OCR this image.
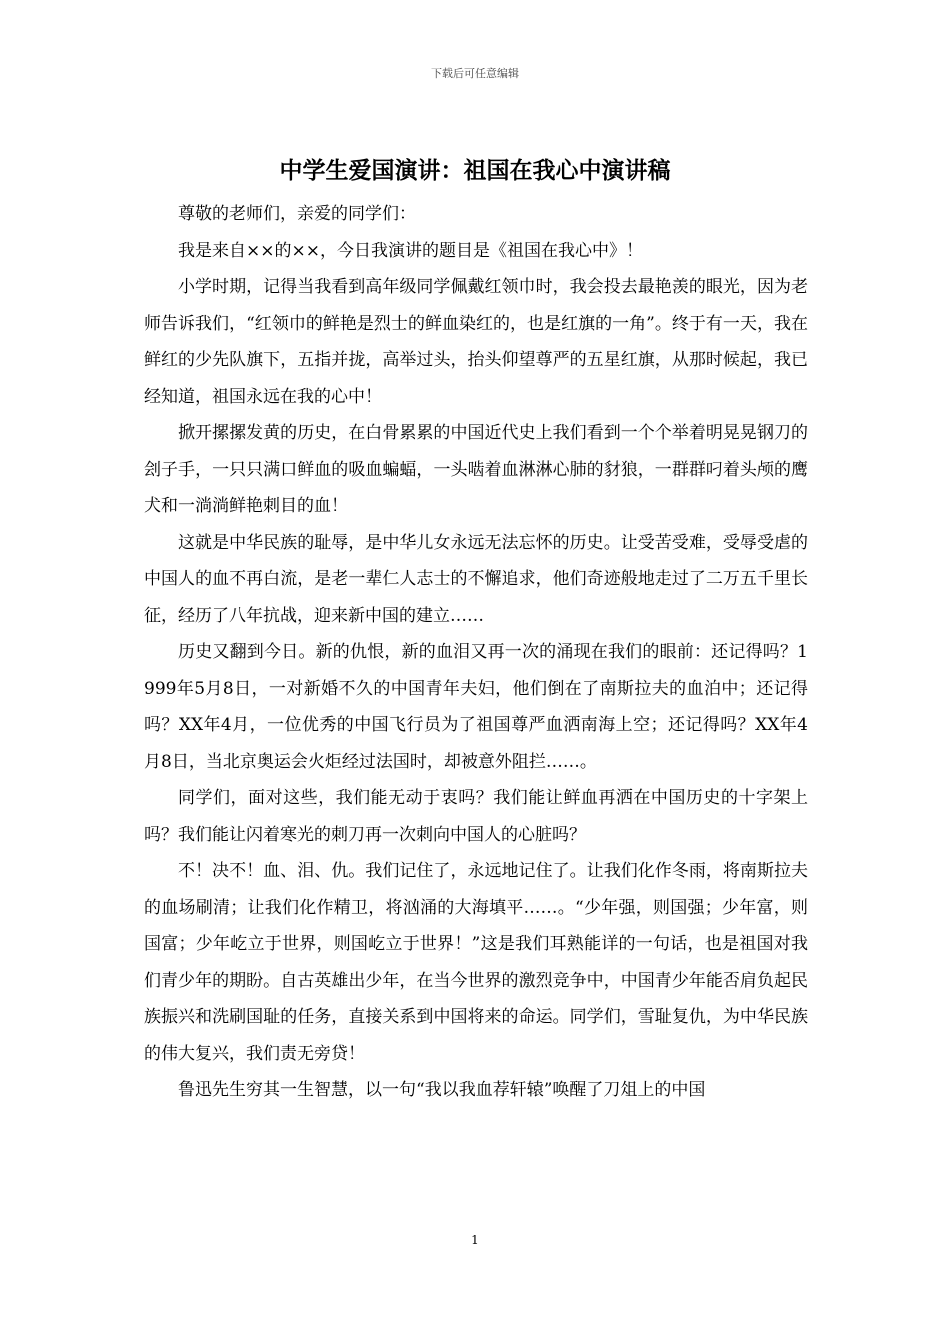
下载后可任意编辑
中学生爱国演讲：祖国在我心中演讲稿

尊敬的老师们，亲爱的同学们：

我是来自××的××，今日我演讲的题目是《祖国在我心中》！

小学时期，记得当我看到高年级同学佩戴红领巾时，我会投去最艳羡的眼光，因为老师告诉我们，“红领巾的鲜艳是烈士的鲜血染红的，也是红旗的一角”。终于有一天，我在鲜红的少先队旗下，五指并拢，高举过头，抬头仰望尊严的五星红旗，从那时候起，我已经知道，祖国永远在我的心中！

掀开摞摞发黄的历史，在白骨累累的中国近代史上我们看到一个个举着明晃晃钢刀的刽子手，一只只满口鲜血的吸血蝙蝠，一头啮着血淋淋心肺的豺狼，一群群叼着头颅的鹰犬和一淌淌鲜艳刺目的血！

这就是中华民族的耻辱，是中华儿女永远无法忘怀的历史。让受苦受难，受辱受虐的中国人的血不再白流，是老一辈仁人志士的不懈追求，他们奇迹般地走过了二万五千里长征，经历了八年抗战，迎来新中国的建立……

历史又翻到今日。新的仇恨，新的血泪又再一次的涌现在我们的眼前：还记得吗？1999年5月8日，一对新婚不久的中国青年夫妇，他们倒在了南斯拉夫的血泊中；还记得吗？XX年4月，一位优秀的中国飞行员为了祖国尊严血洒南海上空；还记得吗？XX年4月8日，当北京奥运会火炬经过法国时，却被意外阻拦……。

同学们，面对这些，我们能无动于衷吗？我们能让鲜血再洒在中国历史的十字架上吗？我们能让闪着寒光的刺刀再一次刺向中国人的心脏吗？

不！决不！血、泪、仇。我们记住了，永远地记住了。让我们化作冬雨，将南斯拉夫的血场刷清；让我们化作精卫，将汹涌的大海填平……。“少年强，则国强；少年富，则国富；少年屹立于世界，则国屹立于世界！”这是我们耳熟能详的一句话，也是祖国对我们青少年的期盼。自古英雄出少年，在当今世界的激烈竞争中，中国青少年能否肩负起民族振兴和洗刷国耻的任务，直接关系到中国将来的命运。同学们，雪耻复仇，为中华民族的伟大复兴，我们责无旁贷！

鲁迅先生穷其一生智慧，以一句“我以我血荐轩辕”唤醒了刀俎上的中国

1
